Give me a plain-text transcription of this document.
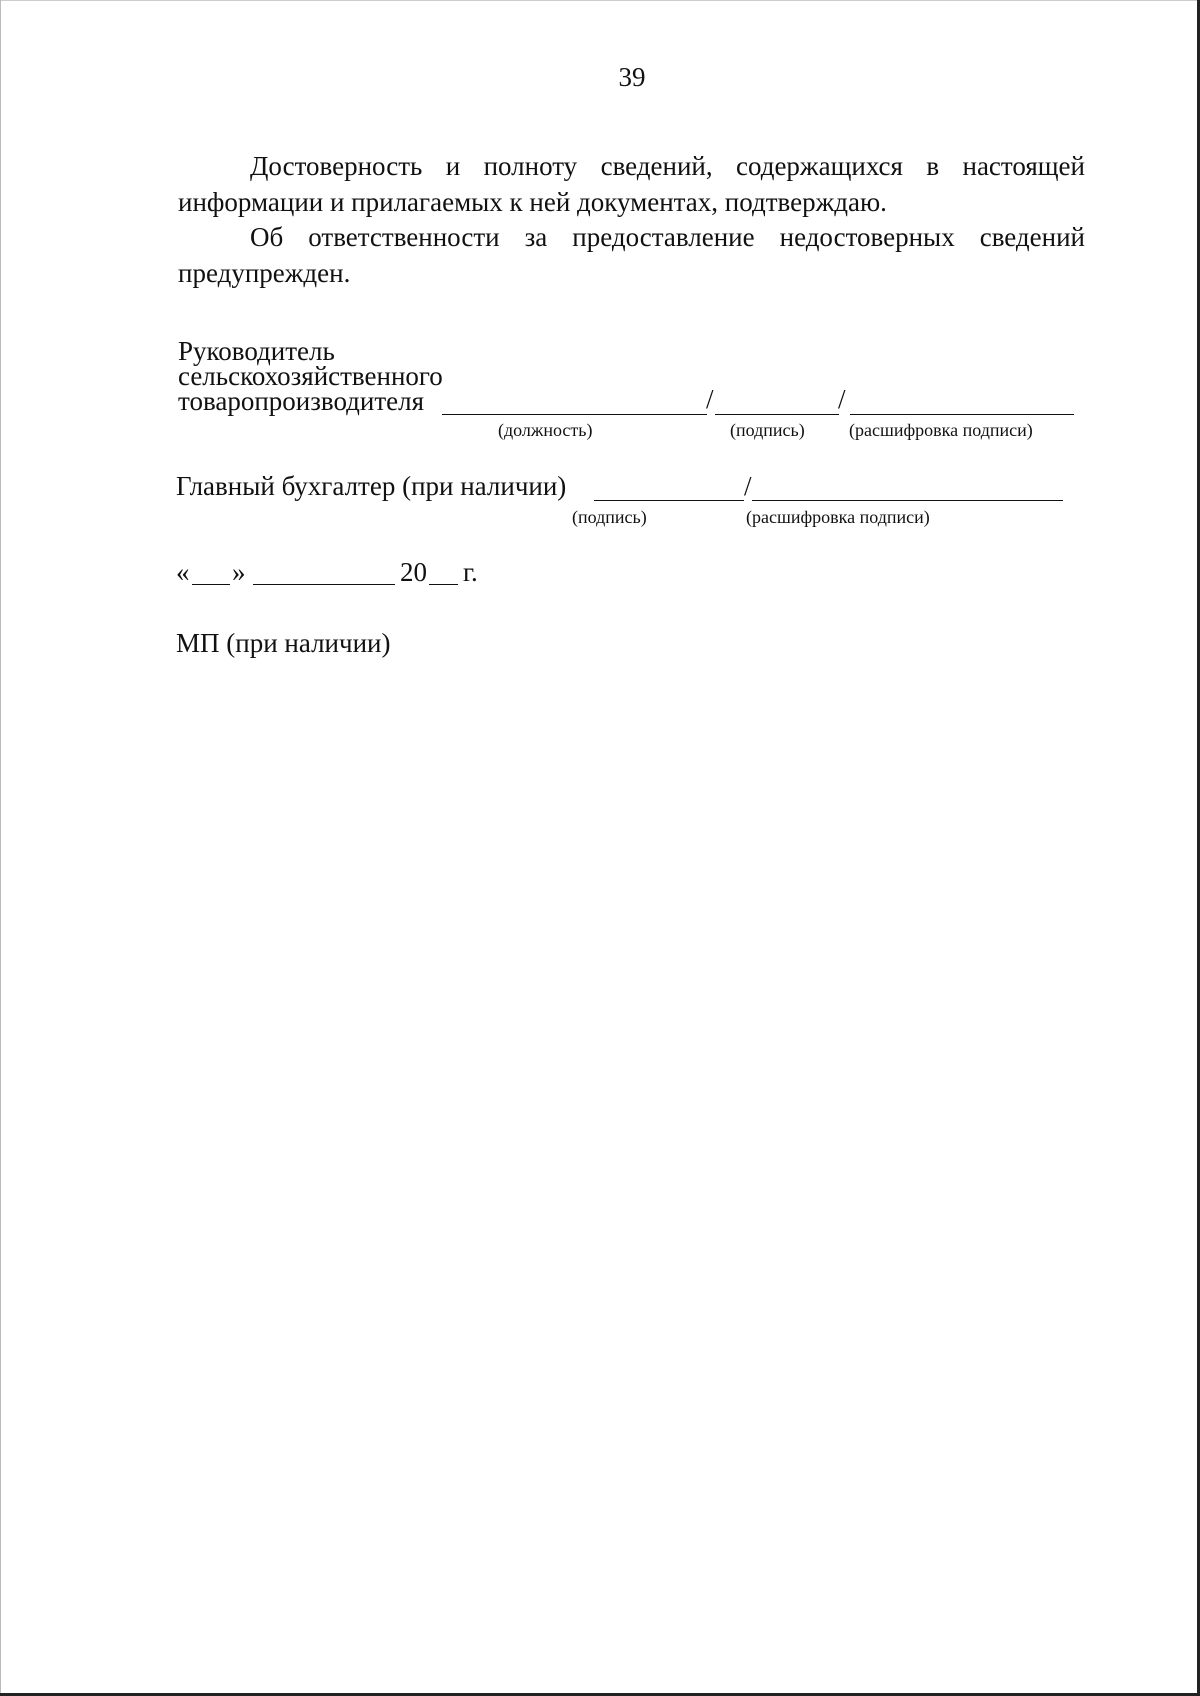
39

Достоверность и полноту сведений, содержащихся в настоящей
информации и прилагаемых к ней документах, подтверждаю.

Об ответственности за предоставление недостоверных сведений
предупрежден.

Руководитель
сельскохозяйственного
товаропроизводителя	/	/
(должность)	(подпись) (расшифровка подписи)
Главный бухгалтер (при наличии)	/
(подпись)	(расшифровка подписи)
« »	20 г.
МП (при наличии)
